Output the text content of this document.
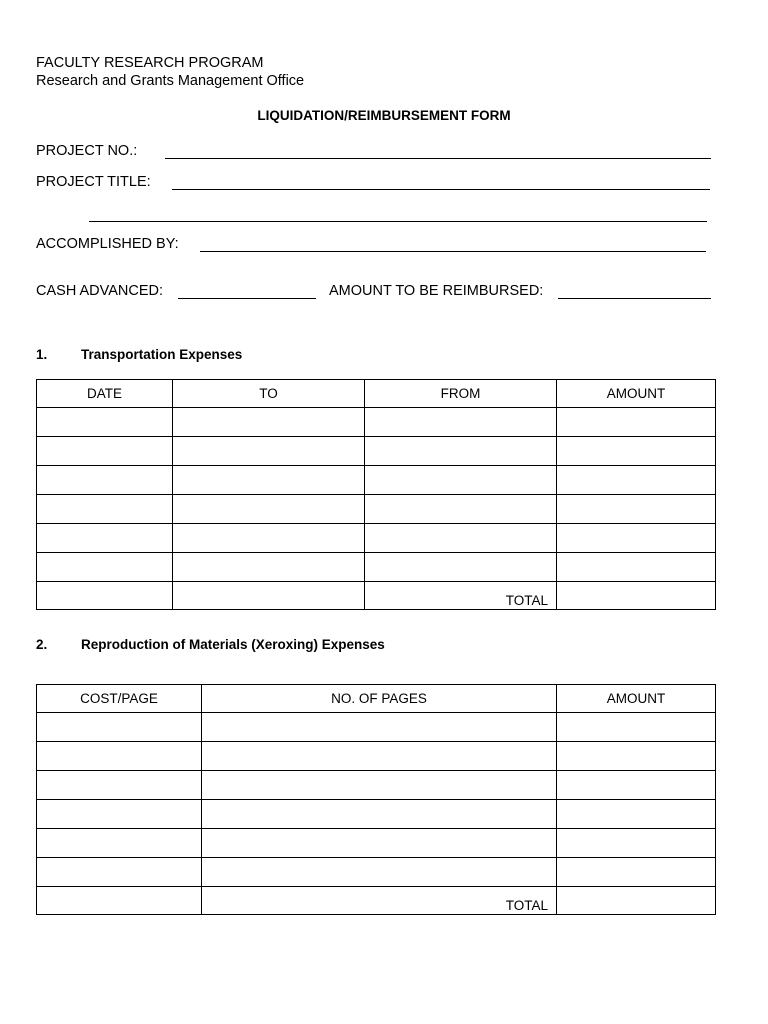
FACULTY RESEARCH PROGRAM
Research and Grants Management Office
LIQUIDATION/REIMBURSEMENT FORM
PROJECT NO.:
PROJECT TITLE:
ACCOMPLISHED BY:
CASH ADVANCED:	AMOUNT TO BE REIMBURSED:
1. Transportation Expenses
DATE	TO	FROM	AMOUNT

		TOTAL	
2. Reproduction of Materials (Xeroxing) Expenses
COST/PAGE	NO. OF PAGES	AMOUNT

	TOTAL	
